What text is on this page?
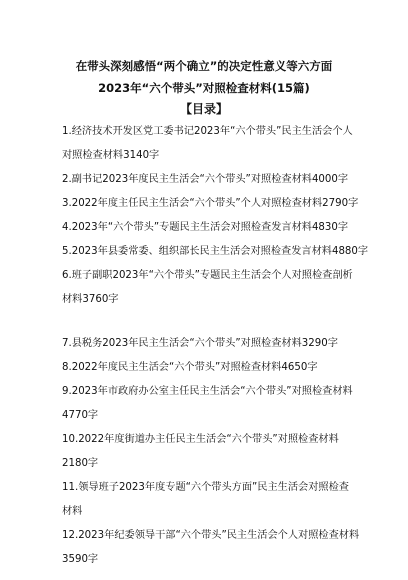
在带头深刻感悟“两个确立”的决定性意义等六方面
2023年“六个带头”对照检查材料(15篇)
【目录】
1.经济技术开发区党工委书记2023年“六个带头”民主生活会个人
对照检查材料3140字
2.副书记2023年度民主生活会“六个带头”对照检查材料4000字
3.2022年度主任民主生活会“六个带头”个人对照检查材料2790字
4.2023年“六个带头”专题民主生活会对照检查发言材料4830字
5.2023年县委常委、组织部长民主生活会对照检查发言材料4880字
6.班子副职2023年“六个带头”专题民主生活会个人对照检查剖析
材料3760字
7.县税务2023年民主生活会“六个带头”对照检查材料3290字
8.2022年度民主生活会“六个带头”对照检查材料4650字
9.2023年市政府办公室主任民主生活会“六个带头”对照检查材料
4770字
10.2022年度街道办主任民主生活会“六个带头”对照检查材料
2180字
11.领导班子2023年度专题“六个带头方面”民主生活会对照检查
材料
12.2023年纪委领导干部“六个带头”民主生活会个人对照检查材料
3590字
